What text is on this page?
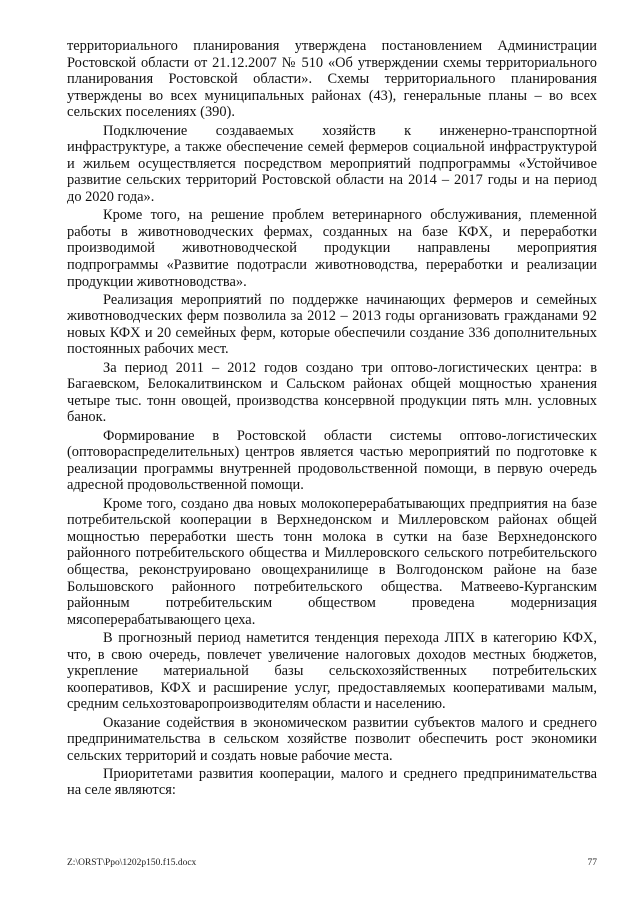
территориального планирования утверждена постановлением Администрации Ростовской области от 21.12.2007 № 510 «Об утверждении схемы территориального планирования Ростовской области». Схемы территориального планирования утверждены во всех муниципальных районах (43), генеральные планы – во всех сельских поселениях (390).

Подключение создаваемых хозяйств к инженерно-транспортной инфраструктуре, а также обеспечение семей фермеров социальной инфраструктурой и жильем осуществляется посредством мероприятий подпрограммы «Устойчивое развитие сельских территорий Ростовской области на 2014 – 2017 годы и на период до 2020 года».

Кроме того, на решение проблем ветеринарного обслуживания, племенной работы в животноводческих фермах, созданных на базе КФХ, и переработки производимой животноводческой продукции направлены мероприятия подпрограммы «Развитие подотрасли животноводства, переработки и реализации продукции животноводства».

Реализация мероприятий по поддержке начинающих фермеров и семейных животноводческих ферм позволила за 2012 – 2013 годы организовать гражданами 92 новых КФХ и 20 семейных ферм, которые обеспечили создание 336 дополнительных постоянных рабочих мест.

За период 2011 – 2012 годов создано три оптово-логистических центра: в Багаевском, Белокалитвинском и Сальском районах общей мощностью хранения четыре тыс. тонн овощей, производства консервной продукции пять млн. условных банок.

Формирование в Ростовской области системы оптово-логистических (оптовораспределительных) центров является частью мероприятий по подготовке к реализации программы внутренней продовольственной помощи, в первую очередь адресной продовольственной помощи.

Кроме того, создано два новых молокоперерабатывающих предприятия на базе потребительской кооперации в Верхнедонском и Миллеровском районах общей мощностью переработки шесть тонн молока в сутки на базе Верхнедонского районного потребительского общества и Миллеровского сельского потребительского общества, реконструировано овощехранилище в Волгодонском районе на базе Большовского районного потребительского общества. Матвеево-Курганским районным потребительским обществом проведена модернизация мясоперерабатывающего цеха.

В прогнозный период наметится тенденция перехода ЛПХ в категорию КФХ, что, в свою очередь, повлечет увеличение налоговых доходов местных бюджетов, укрепление материальной базы сельскохозяйственных потребительских кооперативов, КФХ и расширение услуг, предоставляемых кооперативами малым, средним сельхозтоваропроизводителям области и населению.

Оказание содействия в экономическом развитии субъектов малого и среднего предпринимательства в сельском хозяйстве позволит обеспечить рост экономики сельских территорий и создать новые рабочие места.

Приоритетами развития кооперации, малого и среднего предпринимательства на селе являются:

Z:\ORST\Ppo\1202p150.f15.docx	77
